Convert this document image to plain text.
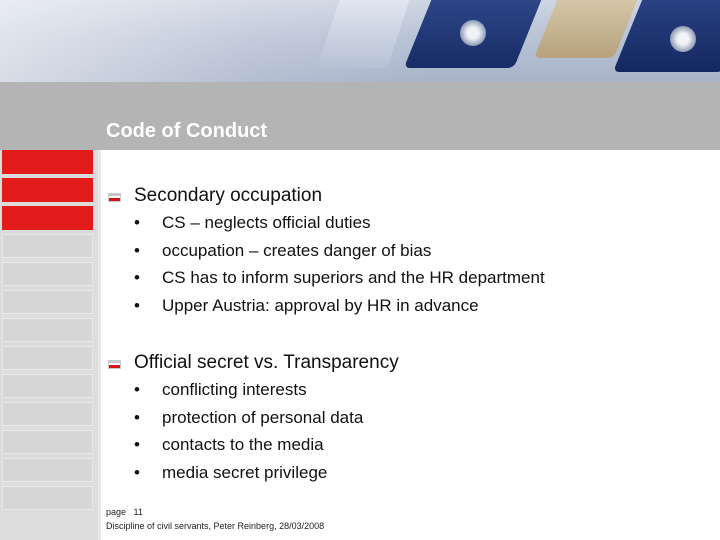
Code of Conduct
Secondary occupation
• CS – neglects official duties
• occupation – creates danger of bias
• CS has to inform superiors and the HR department
• Upper Austria: approval by HR in advance
Official secret vs. Transparency
• conflicting interests
• protection of personal data
• contacts to the media
• media secret privilege
page 11
Discipline of civil servants, Peter Reinberg, 28/03/2008
